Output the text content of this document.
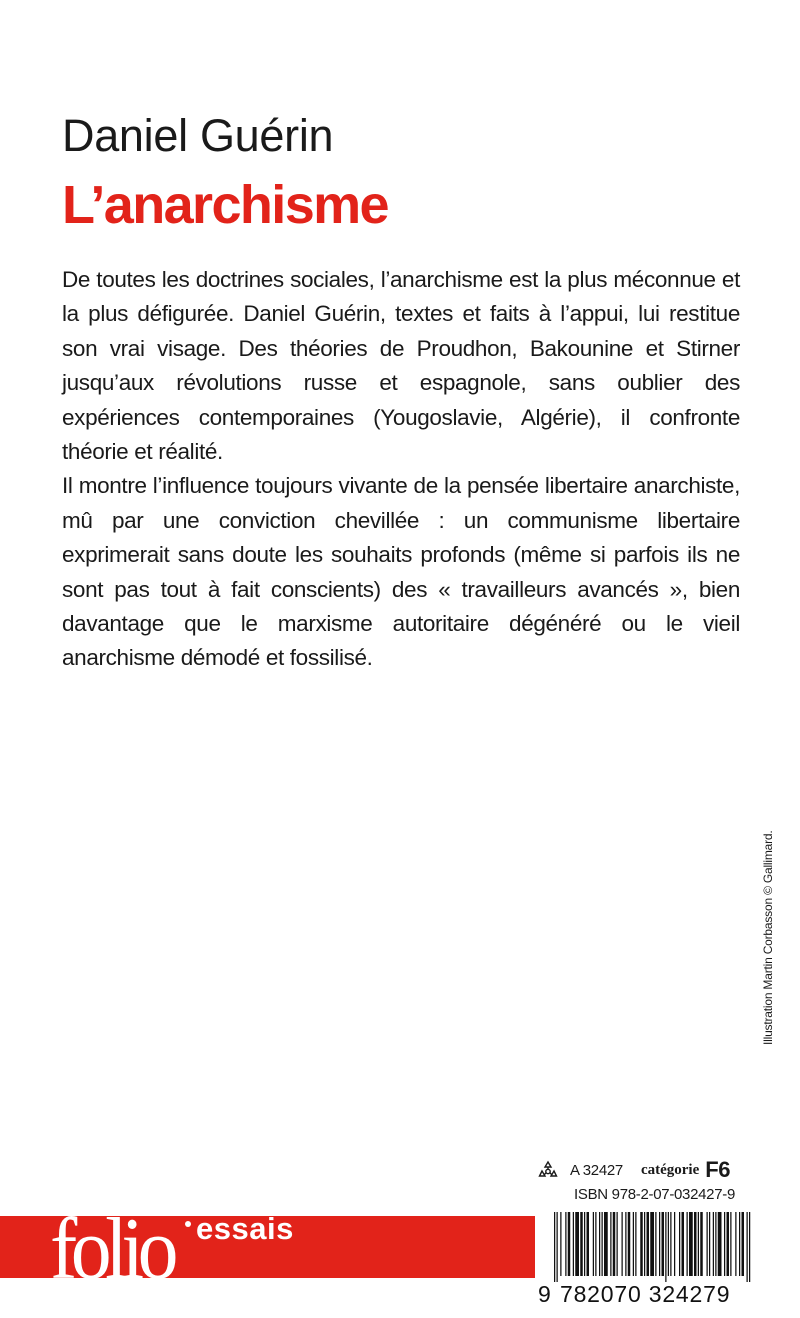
Daniel Guérin
L’anarchisme

De toutes les doctrines sociales, l’anarchisme est la plus méconnue et la plus défigurée. Daniel Guérin, textes et faits à l’appui, lui restitue son vrai visage. Des théories de Proudhon, Bakounine et Stirner jusqu’aux révolutions russe et espagnole, sans oublier des expériences contemporaines (Yougoslavie, Algérie), il confronte théorie et réalité.

Il montre l’influence toujours vivante de la pensée libertaire anarchiste, mû par une conviction chevillée : un communisme libertaire exprimerait sans doute les souhaits profonds (même si parfois ils ne sont pas tout à fait conscients) des « travailleurs avancés », bien davantage que le marxisme autoritaire dégénéré ou le vieil anarchisme démodé et fossilisé.

Illustration Martin Corbasson © Gallimard.
A 32427 catégorie F6
ISBN 978-2-07-032427-9
folio essais
9 782070 324279
